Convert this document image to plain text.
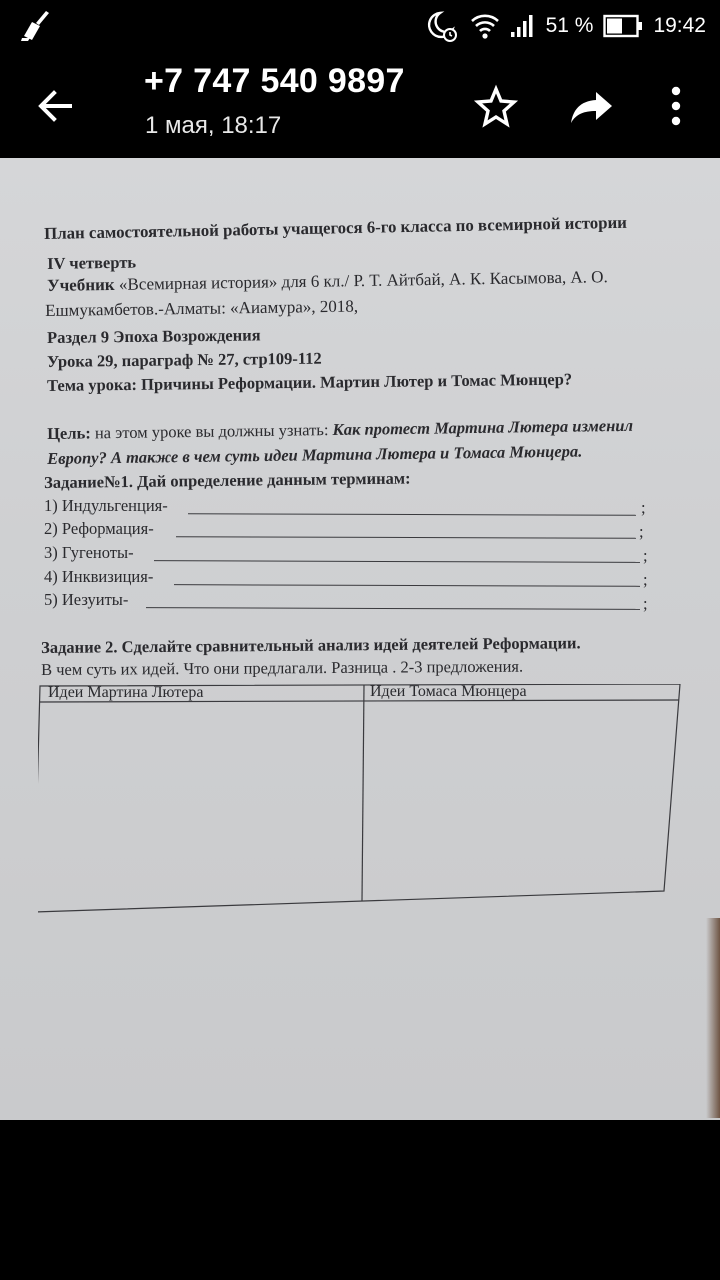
51 %	19:42
+7 747 540 9897
1 мая, 18:17
План самостоятельной работы учащегося 6-го класса по всемирной истории
IV четверть
Учебник «Всемирная история» для 6 кл./ Р. Т. Айтбай, А. К. Касымова, А. О.
Ешмукамбетов.-Алматы: «Аиамура», 2018,
Раздел 9 Эпоха Возрождения
Урока 29, параграф № 27, стр109-112
Тема урока: Причины Реформации. Мартин Лютер и Томас Мюнцер?
Цель: на этом уроке вы должны узнать: Как протест Мартина Лютера изменил
Европу? А также в чем суть идеи Мартина Лютера и Томаса Мюнцера.
Задание№1. Дай определение данным терминам:
1) Индульгенция-	;
2) Реформация-	;
3) Гугеноты-	;
4) Инквизиция-	;
5) Иезуиты-	;
Задание 2. Сделайте сравнительный анализ идей деятелей Реформации.
В чем суть их идей. Что они предлагали. Разница . 2-3 предложения.
Идеи Мартина Лютера	Идеи Томаса Мюнцера
